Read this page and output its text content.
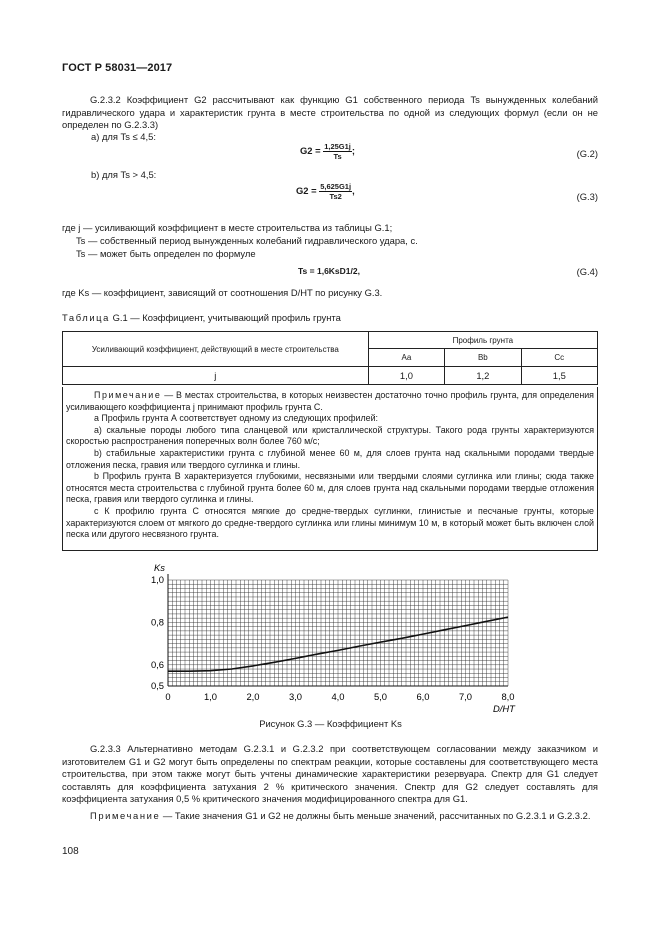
ГОСТ Р 58031—2017
G.2.3.2 Коэффициент G2 рассчитывают как функцию G1 собственного периода Ts вынужденных колебаний гидравлического удара и характеристик грунта в месте строительства по одной из следующих формул (если он не определен по G.2.3.3)
a) для Ts ≤ 4,5:
$G2 = \frac{1,25G1j}{Ts}$ ;	(G.2)
b) для Ts > 4,5:
$G2 = \frac{5,625G1j}{Ts2}$ ,
(G.3)
где j — усиливающий коэффициент в месте строительства из таблицы G.1;
Ts — собственный период вынужденных колебаний гидравлического удара, с.
Ts — может быть определен по формуле
Ts = 1,6KsD1/2,	(G.4)
где Ks — коэффициент, зависящий от соотношения D/HT по рисунку G.3.
Таблица G.1 — Коэффициент, учитывающий профиль грунта
Усиливающий коэффициент, действующий в месте строительства	Профиль грунта		
	Aa	Bb	Cc
j	1,0	1,2	1,5
Примечание — В местах строительства, в которых неизвестен достаточно точно профиль грунта, для определения усиливающего коэффициента j принимают профиль грунта С.
a Профиль грунта А соответствует одному из следующих профилей:
а) скальные породы любого типа сланцевой или кристаллической структуры. Такого рода грунты характеризуются скоростью распространения поперечных волн более 760 м/с;
b) стабильные характеристики грунта с глубиной менее 60 м, для слоев грунта над скальными породами твердые отложения песка, гравия или твердого суглинка и глины.
b Профиль грунта B характеризуется глубокими, несвязными или твердыми слоями суглинка или глины; сюда также относятся места строительства с глубиной грунта более 60 м, для слоев грунта над скальными породами твердые отложения песка, гравия или твердого суглинка и глины.
c К профилю грунта С относятся мягкие до средне-твердых суглинки, глинистые и песчаные грунты, которые характеризуются слоем от мягкого до средне-твердого суглинка или глины минимум 10 м, в который может быть включен слой песка или другого несвязного грунта.
0	1,0	2,0	3,0	4,0	5,0	6,0	7,0	8,0
0,5
0,6
0,8
1,0
Ks
D/HT
Рисунок G.3 — Коэффициент Ks
G.2.3.3 Альтернативно методам G.2.3.1 и G.2.3.2 при соответствующем согласовании между заказчиком и изготовителем G1 и G2 могут быть определены по спектрам реакции, которые составлены для соответствующего места строительства, при этом также могут быть учтены динамические характеристики резервуара. Спектр для G1 следует составлять для коэффициента затухания 2 % критического значения. Спектр для G2 следует составлять для коэффициента затухания 0,5 % критического значения модифицированного спектра для G1.
Примечание — Такие значения G1 и G2 не должны быть меньше значений, рассчитанных по G.2.3.1 и G.2.3.2.
108
